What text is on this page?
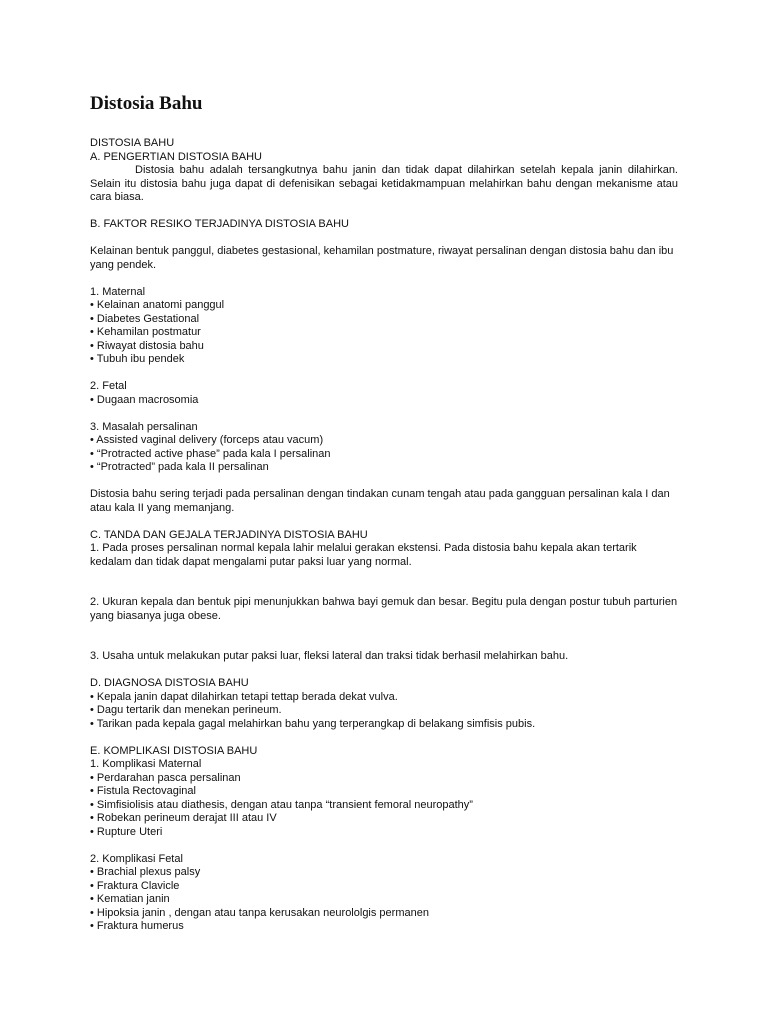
Distosia Bahu
DISTOSIA BAHU
A. PENGERTIAN DISTOSIA BAHU

Distosia bahu adalah tersangkutnya bahu janin dan tidak dapat dilahirkan setelah kepala janin dilahirkan. Selain itu distosia bahu juga dapat di defenisikan sebagai ketidakmampuan melahirkan bahu dengan mekanisme atau cara biasa.

B. FAKTOR RESIKO TERJADINYA DISTOSIA BAHU

Kelainan bentuk panggul, diabetes gestasional, kehamilan postmature, riwayat persalinan dengan distosia bahu dan ibu yang pendek.

1. Maternal
• Kelainan anatomi panggul
• Diabetes Gestational
• Kehamilan postmatur
• Riwayat distosia bahu
• Tubuh ibu pendek
2. Fetal
• Dugaan macrosomia
3. Masalah persalinan
• Assisted vaginal delivery (forceps atau vacum)
• “Protracted active phase” pada kala I persalinan
• “Protracted” pada kala II persalinan

Distosia bahu sering terjadi pada persalinan dengan tindakan cunam tengah atau pada gangguan persalinan kala I dan atau kala II yang memanjang.

C. TANDA DAN GEJALA TERJADINYA DISTOSIA BAHU

1. Pada proses persalinan normal kepala lahir melalui gerakan ekstensi. Pada distosia bahu kepala akan tertarik kedalam dan tidak dapat mengalami putar paksi luar yang normal.

2. Ukuran kepala dan bentuk pipi menunjukkan bahwa bayi gemuk dan besar. Begitu pula dengan postur tubuh parturien yang biasanya juga obese.

3. Usaha untuk melakukan putar paksi luar, fleksi lateral dan traksi tidak berhasil melahirkan bahu.

D. DIAGNOSA DISTOSIA BAHU
• Kepala janin dapat dilahirkan tetapi tettap berada dekat vulva.
• Dagu tertarik dan menekan perineum.
• Tarikan pada kepala gagal melahirkan bahu yang terperangkap di belakang simfisis pubis.
E. KOMPLIKASI DISTOSIA BAHU
1. Komplikasi Maternal
• Perdarahan pasca persalinan
• Fistula Rectovaginal
• Simfisiolisis atau diathesis, dengan atau tanpa “transient femoral neuropathy”
• Robekan perineum derajat III atau IV
• Rupture Uteri
2. Komplikasi Fetal
• Brachial plexus palsy
• Fraktura Clavicle
• Kematian janin
• Hipoksia janin , dengan atau tanpa kerusakan neurololgis permanen
• Fraktura humerus
